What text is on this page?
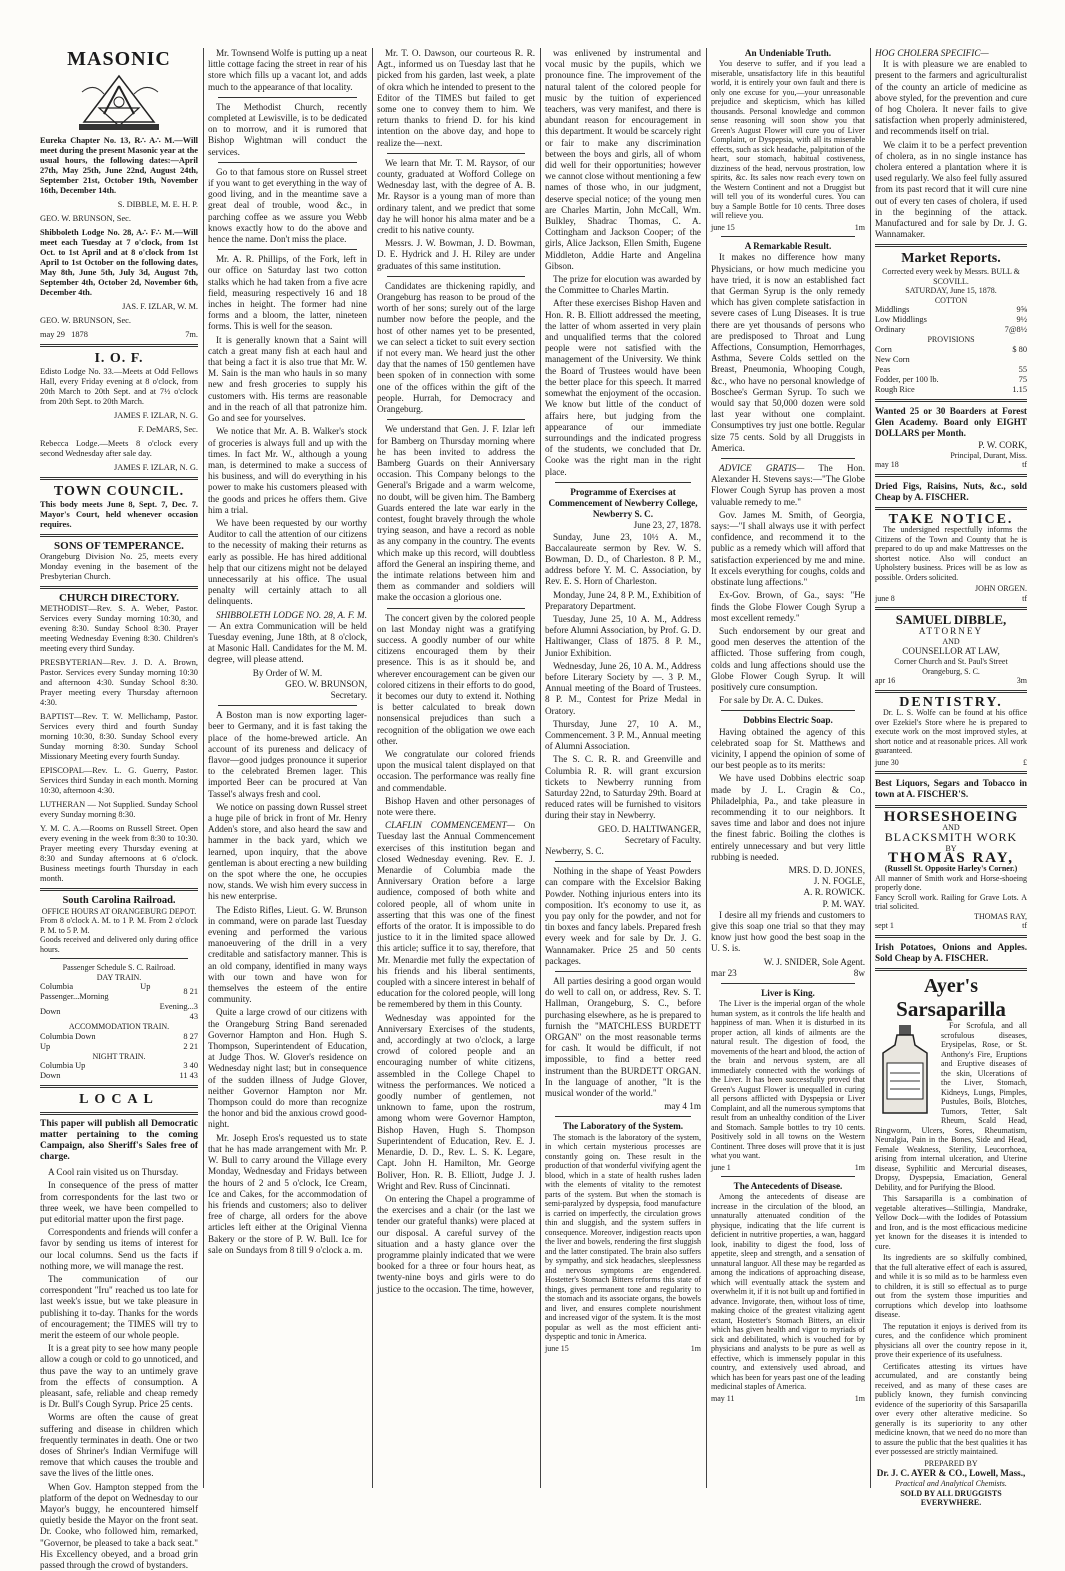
MASONIC
Eureka Chapter No. 13, R∴ A∴ M.—Will meet during the present Masonic year at the usual hours, the following dates:—April 27th, May 25th, June 22nd, August 24th, September 21st, October 19th, November 16th, December 14th.
S. DIBBLE, M. E. H. P.
GEO. W. BRUNSON, Sec.
Shibboleth Lodge No. 28, A∴ F∴ M.—Will meet each Tuesday at 7 o'clock, from 1st Oct. to 1st April and at 8 o'clock from 1st April to 1st October on the following dates, May 8th, June 5th, July 3d, August 7th, September 4th, October 2d, November 6th, December 4th.
JAS. F. IZLAR, W. M.
GEO. W. BRUNSON, Sec.
may 29 1878	7m.
I. O. F.
Edisto Lodge No. 33.—Meets at Odd Fellows Hall, every Friday evening at 8 o'clock, from 20th March to 20th Sept. and at 7½ o'clock from 20th Sept. to 20th March.
JAMES F. IZLAR, N. G.
F. DeMARS, Sec.
Rebecca Lodge.—Meets 8 o'clock every second Wednesday after sale day.
JAMES F. IZLAR, N. G.
TOWN COUNCIL.
This body meets June 8, Sept. 7, Dec. 7. Mayor's Court, held whenever occasion requires.
SONS OF TEMPERANCE.
Orangeburg Division No. 25, meets every Monday evening in the basement of the Presbyterian Church.
CHURCH DIRECTORY.
METHODIST—Rev. S. A. Weber, Pastor. Services every Sunday morning 10:30, and evening 8:30. Sunday School 8:30. Prayer meeting Wednesday Evening 8:30. Children's meeting every third Sunday.
PRESBYTERIAN—Rev. J. D. A. Brown, Pastor. Services every Sunday morning 10:30 and afternoon 4:30. Sunday School 8:30. Prayer meeting every Thursday afternoon 4:30.
BAPTIST—Rev. T. W. Mellichamp, Pastor. Services every third and fourth Sunday morning 10:30, 8:30. Sunday School every Sunday morning 8:30. Sunday School Missionary Meeting every fourth Sunday.
EPISCOPAL—Rev. L. G. Guerry, Pastor. Services third Sunday in each month. Morning 10:30, afternoon 4:30.
LUTHERAN — Not Supplied. Sunday School every Sunday morning 8:30.
Y. M. C. A.—Rooms on Russell Street. Open every evening in the week from 8:30 to 10:30. Prayer meeting every Thursday evening at 8:30 and Sunday afternoons at 6 o'clock. Business meetings fourth Thursday in each month.
South Carolina Railroad.
OFFICE HOURS AT ORANGEBURG DEPOT.
From 8 o'clock A. M. to 1 P. M. From 2 o'clock P. M. to 5 P. M.
Goods received and delivered only during office hours.
Passenger Schedule S. C. Railroad.
DAY TRAIN.
Columbia Up Passenger...Morning	8 21
Down	Evening...3 43
ACCOMMODATION TRAIN.
Columbia Down	8 27
Up	2 21
NIGHT TRAIN.
Columbia Up	3 40
Down	11 43
LOCAL
This paper will publish all Democratic matter pertaining to the coming Campaign, also Sheriff's Sales free of charge.

A Cool rain visited us on Thursday.

In consequence of the press of matter from correspondents for the last two or three week, we have been compelled to put editorial matter upon the first page.

Correspondents and friends will confer a favor by sending us items of interest for our local columns. Send us the facts if nothing more, we will manage the rest.

The communication of our correspondent "Iru" reached us too late for last week's issue, but we take pleasure in publishing it to-day. Thanks for the words of encouragement; the TIMES will try to merit the esteem of our whole people.

It is a great pity to see how many people allow a cough or cold to go unnoticed, and thus pave the way to an untimely grave from the effects of consumption. A pleasant, safe, reliable and cheap remedy is Dr. Bull's Cough Syrup. Price 25 cents.

Worms are often the cause of great suffering and disease in children which frequently terminates in death. One or two doses of Shriner's Indian Vermifuge will remove that which causes the trouble and save the lives of the little ones.

When Gov. Hampton stepped from the platform of the depot on Wednesday to our Mayor's buggy, he encountered himself quietly beside the Mayor on the front seat. Dr. Cooke, who followed him, remarked, "Governor, be pleased to take a back seat." His Excellency obeyed, and a broad grin passed through the crowd of bystanders.

Mr. Townsend Wolfe is putting up a neat little cottage facing the street in rear of his store which fills up a vacant lot, and adds much to the appearance of that locality.

The Methodist Church, recently completed at Lewisville, is to be dedicated on to morrow, and it is rumored that Bishop Wightman will conduct the services.

Go to that famous store on Russel street if you want to get everything in the way of good living, and in the meantime save a great deal of trouble, wood &c., in parching coffee as we assure you Webb knows exactly how to do the above and hence the name. Don't miss the place.

Mr. A. R. Phillips, of the Fork, left in our office on Saturday last two cotton stalks which he had taken from a five acre field, measuring respectively 16 and 18 inches in height. The former had nine forms and a bloom, the latter, nineteen forms. This is well for the season.

It is generally known that a Saint will catch a great many fish at each haul and that being a fact it is also true that Mr. W. M. Sain is the man who hauls in so many new and fresh groceries to supply his customers with. His terms are reasonable and in the reach of all that patronize him. Go and see for yourselves.

We notice that Mr. A. B. Walker's stock of groceries is always full and up with the times. In fact Mr. W., although a young man, is determined to make a success of his business, and will do everything in his power to make his customers pleased with the goods and prices he offers them. Give him a trial.

We have been requested by our worthy Auditor to call the attention of our citizens to the necessity of making their returns as early as possible. He has hired additional help that our citizens might not be delayed unnecessarily at his office. The usual penalty will certainly attach to all delinquents.

SHIBBOLETH LODGE NO. 28, A. F. M.— An extra Communication will be held Tuesday evening, June 18th, at 8 o'clock, at Masonic Hall. Candidates for the M. M. degree, will please attend.

By Order of W. M.
GEO. W. BRUNSON,
Secretary.

A Boston man is now exporting lager-beer to Germany, and it is fast taking the place of the home-brewed article. An account of its pureness and delicacy of flavor—good judges pronounce it superior to the celebrated Bremen lager. This imported Beer can be procured at Van Tassel's always fresh and cool.

We notice on passing down Russel street a huge pile of brick in front of Mr. Henry Adden's store, and also heard the saw and hammer in the back yard, which we learned, upon inquiry, that the above gentleman is about erecting a new building on the spot where the one, he occupies now, stands. We wish him every success in his new enterprise.

The Edisto Rifles, Lieut. G. W. Brunson in command, were on parade last Tuesday evening and performed the various manoeuvering of the drill in a very creditable and satisfactory manner. This is an old company, identified in many ways with our town and have won for themselves the esteem of the entire community.

Quite a large crowd of our citizens with the Orangeburg String Band serenaded Governor Hampton and Hon. Hugh S. Thompson, Superintendent of Education, at Judge Thos. W. Glover's residence on Wednesday night last; but in consequence of the sudden illness of Judge Glover, neither Governor Hampton nor Mr. Thompson could do more than recognize the honor and bid the anxious crowd good-night.

Mr. Joseph Eros's requested us to state that he has made arrangement with Mr. P. W. Bull to carry around the Village every Monday, Wednesday and Fridays between the hours of 2 and 5 o'clock, Ice Cream, Ice and Cakes, for the accommodation of his friends and customers; also to deliver free of charge, all orders for the above articles left either at the Original Vienna Bakery or the store of P. W. Bull. Ice for sale on Sundays from 8 till 9 o'clock a. m.

Mr. T. O. Dawson, our courteous R. R. Agt., informed us on Tuesday last that he picked from his garden, last week, a plate of okra which he intended to present to the Editor of the TIMES but failed to get some one to convey them to him. We return thanks to friend D. for his kind intention on the above day, and hope to realize the—next.

We learn that Mr. T. M. Raysor, of our county, graduated at Wofford College on Wednesday last, with the degree of A. B. Mr. Raysor is a young man of more than ordinary talent, and we predict that some day he will honor his alma mater and be a credit to his native county.

Messrs. J. W. Bowman, J. D. Bowman, D. E. Hydrick and J. H. Riley are under graduates of this same institution.

Candidates are thickening rapidly, and Orangeburg has reason to be proud of the worth of her sons; surely out of the large number now before the people, and the host of other names yet to be presented, we can select a ticket to suit every section if not every man. We heard just the other day that the names of 150 gentlemen have been spoken of in connection with some one of the offices within the gift of the people. Hurrah, for Democracy and Orangeburg.

We understand that Gen. J. F. Izlar left for Bamberg on Thursday morning where he has been invited to address the Bamberg Guards on their Anniversary occasion. This Company belongs to the General's Brigade and a warm welcome, no doubt, will be given him. The Bamberg Guards entered the late war early in the contest, fought bravely through the whole trying season, and have a record as noble as any company in the country. The events which make up this record, will doubtless afford the General an inspiring theme, and the intimate relations between him and them as commander and soldiers will make the occasion a glorious one.

The concert given by the colored people on last Monday night was a gratifying success. A goodly number of our white citizens encouraged them by their presence. This is as it should be, and wherever encouragement can be given our colored citizens in their efforts to do good, it becomes our duty to extend it. Nothing is better calculated to break down nonsensical prejudices than such a recognition of the obligation we owe each other.

We congratulate our colored friends upon the musical talent displayed on that occasion. The performance was really fine and commendable.

Bishop Haven and other personages of note were there.

CLAFLIN COMMENCEMENT— On Tuesday last the Annual Commencement exercises of this institution began and closed Wednesday evening. Rev. E. J. Menardie of Columbia made the Anniversary Oration before a large audience, composed of both white and colored people, all of whom unite in asserting that this was one of the finest efforts of the orator. It is impossible to do justice to it in the limited space allowed this article; suffice it to say, therefore, that Mr. Menardie met fully the expectation of his friends and his liberal sentiments, coupled with a sincere interest in behalf of education for the colored people, will long be remembered by them in this County.

Wednesday was appointed for the Anniversary Exercises of the students, and, accordingly at two o'clock, a large crowd of colored people and an encouraging number of white citizens, assembled in the College Chapel to witness the performances. We noticed a goodly number of gentlemen, not unknown to fame, upon the rostrum, among whom were Governor Hampton, Bishop Haven, Hugh S. Thompson Superintendent of Education, Rev. E. J. Menardie, D. D., Rev. L. S. K. Legare, Capt. John H. Hamilton, Mr. George Boliver, Hon. R. B. Elliott, Judge J. J. Wright and Rev. Russ of Cincinnati.

On entering the Chapel a programme of the exercises and a chair (or the last we tender our grateful thanks) were placed at our disposal. A careful survey of the situation and a hasty glance over the programme plainly indicated that we were booked for a three or four hours heat, as twenty-nine boys and girls were to do justice to the occasion. The time, however,

was enlivened by instrumental and vocal music by the pupils, which we pronounce fine. The improvement of the natural talent of the colored people for music by the tuition of experienced teachers, was very manifest, and there is abundant reason for encouragement in this department. It would be scarcely right or fair to make any discrimination between the boys and girls, all of whom did well for their opportunities; however we cannot close without mentioning a few names of those who, in our judgment, deserve special notice; of the young men are Charles Martin, John McCall, Wm. Bulkley, Shadrac Thomas, C. A. Cottingham and Jackson Cooper; of the girls, Alice Jackson, Ellen Smith, Eugene Middleton, Addie Harte and Angelina Gibson.

The prize for elocution was awarded by the Committee to Charles Martin.

After these exercises Bishop Haven and Hon. R. B. Elliott addressed the meeting, the latter of whom asserted in very plain and unqualified terms that the colored people were not satisfied with the management of the University. We think the Board of Trustees would have been the better place for this speech. It marred somewhat the enjoyment of the occasion. We know but little of the conduct of affairs here, but judging from the appearance of our immediate surroundings and the indicated progress of the students, we concluded that Dr. Cooke was the right man in the right place.

Programme of Exercises at Commencement of Newberry College, Newberry S. C.
June 23, 27, 1878.

Sunday, June 23, 10½ A. M., Baccalaureate sermon by Rev. W. S. Bowman, D. D., of Charleston. 8 P. M., address before Y. M. C. Association, by Rev. E. S. Horn of Charleston.

Monday, June 24, 8 P. M., Exhibition of Preparatory Department.

Tuesday, June 25, 10 A. M., Address before Alumni Association, by Prof. G. D. Haltiwanger, Class of 1875. 8 P. M., Junior Exhibition.

Wednesday, June 26, 10 A. M., Address before Literary Society by —. 3 P. M., Annual meeting of the Board of Trustees. 8 P. M., Contest for Prize Medal in Oratory.

Thursday, June 27, 10 A. M., Commencement. 3 P. M., Annual meeting of Alumni Association.

The S. C. R. R. and Greenville and Columbia R. R. will grant excursion tickets to Newberry running from Saturday 22nd, to Saturday 29th. Board at reduced rates will be furnished to visitors during their stay in Newberry.

GEO. D. HALTIWANGER,
Secretary of Faculty.
Newberry, S. C.

Nothing in the shape of Yeast Powders can compare with the Excelsior Baking Powder. Nothing injurious enters into its composition. It's economy to use it, as you pay only for the powder, and not for tin boxes and fancy labels. Prepared fresh every week and for sale by Dr. J. G. Wannamaker. Price 25 and 50 cents packages.

All parties desiring a good organ would do well to call on, or address, Rev. S. T. Hallman, Orangeburg, S. C., before purchasing elsewhere, as he is prepared to furnish the "MATCHLESS BURDETT ORGAN" on the most reasonable terms for cash. It would be difficult, if not impossible, to find a better reed instrument than the BURDETT ORGAN. In the language of another, "It is the musical wonder of the world."

may 4 1m
The Laboratory of the System.

The stomach is the laboratory of the system, in which certain mysterious processes are constantly going on. These result in the production of that wonderful vivifying agent the blood, which in a state of health rushes laden with the elements of vitality to the remotest parts of the system. But when the stomach is semi-paralyzed by dyspepsia, food manufacture is carried on imperfectly, the circulation grows thin and sluggish, and the system suffers in consequence. Moreover, indigestion reacts upon the liver and bowels, rendering the first sluggish and the latter constipated. The brain also suffers by sympathy, and sick headaches, sleeplessness and nervous symptoms are engendered. Hostetter's Stomach Bitters reforms this state of things, gives permanent tone and regularity to the stomach and its associate organs, the bowels and liver, and ensures complete nourishment and increased vigor of the system. It is the most popular as well as the most efficient anti-dyspeptic and tonic in America.

june 15	1m
An Undeniable Truth.

You deserve to suffer, and if you lead a miserable, unsatisfactory life in this beautiful world, it is entirely your own fault and there is only one excuse for you,—your unreasonable prejudice and skepticism, which has killed thousands. Personal knowledge and common sense reasoning will soon show you that Green's August Flower will cure you of Liver Complaint, or Dyspepsia, with all its miserable effects, such as sick headache, palpitation of the heart, sour stomach, habitual costiveness, dizziness of the head, nervous prostration, low spirits, &c. Its sales now reach every town on the Western Continent and not a Druggist but will tell you of its wonderful cures. You can buy a Sample Bottle for 10 cents. Three doses will relieve you.

june 15	1m
A Remarkable Result.

It makes no difference how many Physicians, or how much medicine you have tried, it is now an established fact that German Syrup is the only remedy which has given complete satisfaction in severe cases of Lung Diseases. It is true there are yet thousands of persons who are predisposed to Throat and Lung Affections, Consumption, Hemorrhages, Asthma, Severe Colds settled on the Breast, Pneumonia, Whooping Cough, &c., who have no personal knowledge of Boschee's German Syrup. To such we would say that 50,000 dozen were sold last year without one complaint. Consumptives try just one bottle. Regular size 75 cents. Sold by all Druggists in America.

ADVICE GRATIS— The Hon. Alexander H. Stevens says:—"The Globe Flower Cough Syrup has proven a most valuable remedy to me."

Gov. James M. Smith, of Georgia, says:—"I shall always use it with perfect confidence, and recommend it to the public as a remedy which will afford that satisfaction experienced by me and mine. It excels everything for coughs, colds and obstinate lung affections."

Ex-Gov. Brown, of Ga., says: "He finds the Globe Flower Cough Syrup a most excellent remedy."

Such endorsement by our great and good men deserves the attention of the afflicted. Those suffering from cough, colds and lung affections should use the Globe Flower Cough Syrup. It will positively cure consumption.

For sale by Dr. A. C. Dukes.

Dobbins Electric Soap.

Having obtained the agency of this celebrated soap for St. Matthews and vicinity, I append the opinion of some of our best people as to its merits:

We have used Dobbins electric soap made by J. L. Cragin & Co., Philadelphia, Pa., and take pleasure in recommending it to our neighbors. It saves time and labor and does not injure the finest fabric. Boiling the clothes is entirely unnecessary and but very little rubbing is needed.

MRS. D. D. JONES,
J. N. FOGLE,
A. R. ROWICK.
P. M. WAY.

I desire all my friends and customers to give this soap one trial so that they may know just how good the best soap in the U. S. is.

W. J. SNIDER, Sole Agent.
mar 23	8w
Liver is King.

The Liver is the imperial organ of the whole human system, as it controls the life health and happiness of man. When it is disturbed in its proper action, all kinds of ailments are the natural result. The digestion of food, the movements of the heart and blood, the action of the brain and nervous system, are all immediately connected with the workings of the Liver. It has been successfully proved that Green's August Flower is unequalled in curing all persons afflicted with Dyspepsia or Liver Complaint, and all the numerous symptoms that result from an unhealthy condition of the Liver and Stomach. Sample bottles to try 10 cents. Positively sold in all towns on the Western Continent. Three doses will prove that it is just what you want.

june 1	1m
The Antecedents of Disease.

Among the antecedents of disease are increase in the circulation of the blood, an unnaturally attenuated condition of the physique, indicating that the life current is deficient in nutritive properties, a wan, haggard look, inability to digest the food, loss of appetite, sleep and strength, and a sensation of unnatural languor. All these may be regarded as among the indications of approaching disease, which will eventually attack the system and overwhelm it, if it is not built up and fortified in advance. Invigorate, then, without loss of time, making choice of the greatest vitalizing agent extant, Hostetter's Stomach Bitters, an elixir which has given health and vigor to myriads of sick and debilitated, which is vouched for by physicians and analysts to be pure as well as effective, which is immensely popular in this country, and extensively used abroad, and which has been for years past one of the leading medicinal staples of America.

may 11	1m
HOG CHOLERA SPECIFIC—

It is with pleasure we are enabled to present to the farmers and agriculturalist of the county an article of medicine as above styled, for the prevention and cure of hog Cholera. It never fails to give satisfaction when properly administered, and recommends itself on trial.

We claim it to be a perfect prevention of cholera, as in no single instance has cholera entered a plantation where it is used regularly. We also feel fully assured from its past record that it will cure nine out of every ten cases of cholera, if used in the beginning of the attack. Manufactured and for sale by Dr. J. G. Wannamaker.

Market Reports.
Corrected every week by Messrs. BULL & SCOVILL.
SATURDAY, June 15, 1878.
COTTON
Middlings	9⅝
Low Middlings	9½
Ordinary	7@8½
PROVISIONS
Corn	$ 80
New Corn	
Peas	55
Fodder, per 100 lb.	75
Rough Rice	1.15
Wanted 25 or 30 Boarders at Forest Glen Academy. Board only EIGHT DOLLARS per Month.
P. W. CORK,
Principal, Durant, Miss.
may 18	tf
Dried Figs, Raisins, Nuts, &c., sold Cheap by A. FISCHER.
TAKE NOTICE.

The undersigned respectfully informs the Citizens of the Town and County that he is prepared to do up and make Mattresses on the shortest notice. Also will conduct an Upholstery business. Prices will be as low as possible. Orders solicited.

JOHN ORGEN.
june 8	tf
SAMUEL DIBBLE,
ATTORNEY
AND
COUNSELLOR AT LAW,
Corner Church and St. Paul's Street Orangeburg, S. C.
apr 16	3m
DENTISTRY.

Dr. L. S. Wolfe can be found at his office over Ezekiel's Store where he is prepared to execute work on the most improved styles, at short notice and at reasonable prices. All work guaranteed.

june 30	£
Best Liquors, Segars and Tobacco in town at A. FISCHER'S.
HORSESHOEING
AND
BLACKSMITH WORK
BY
THOMAS RAY,
(Russell St. Opposite Harley's Corner.)
All manner of Smith work and Horse-shoeing properly done.
Fancy Scroll work. Railing for Grave Lots. A trial solicited.
THOMAS RAY,
sept 1	tf
Irish Potatoes, Onions and Apples. Sold Cheap by A. FISCHER.
Ayer's
Sarsaparilla

For Scrofula, and all scrofulous diseases, Erysipelas, Rose, or St. Anthony's Fire, Eruptions and Eruptive diseases of the skin, Ulcerations of the Liver, Stomach, Kidneys, Lungs, Pimples, Pustules, Boils, Blotches, Tumors, Tetter, Salt Rheum, Scald Head, Ringworm, Ulcers, Sores, Rheumatism, Neuralgia, Pain in the Bones, Side and Head, Female Weakness, Sterility, Leucorrhoea, arising from internal ulceration, and Uterine disease, Syphilitic and Mercurial diseases, Dropsy, Dyspepsia, Emaciation, General Debility, and for Purifying the Blood.

This Sarsaparilla is a combination of vegetable alteratives—Stillingia, Mandrake, Yellow Dock—with the Iodides of Potassium and Iron, and is the most efficacious medicine yet known for the diseases it is intended to cure.

Its ingredients are so skilfully combined, that the full alterative effect of each is assured, and while it is so mild as to be harmless even to children, it is still so effectual as to purge out from the system those impurities and corruptions which develop into loathsome disease.

The reputation it enjoys is derived from its cures, and the confidence which prominent physicians all over the country repose in it, prove their experience of its usefulness.

Certificates attesting its virtues have accumulated, and are constantly being received, and as many of these cases are publicly known, they furnish convincing evidence of the superiority of this Sarsaparilla over every other alterative medicine. So generally is its superiority to any other medicine known, that we need do no more than to assure the public that the best qualities it has ever possessed are strictly maintained.

PREPARED BY
Dr. J. C. AYER & CO., Lowell, Mass.,
Practical and Analytical Chemists.
SOLD BY ALL DRUGGISTS EVERYWHERE.
